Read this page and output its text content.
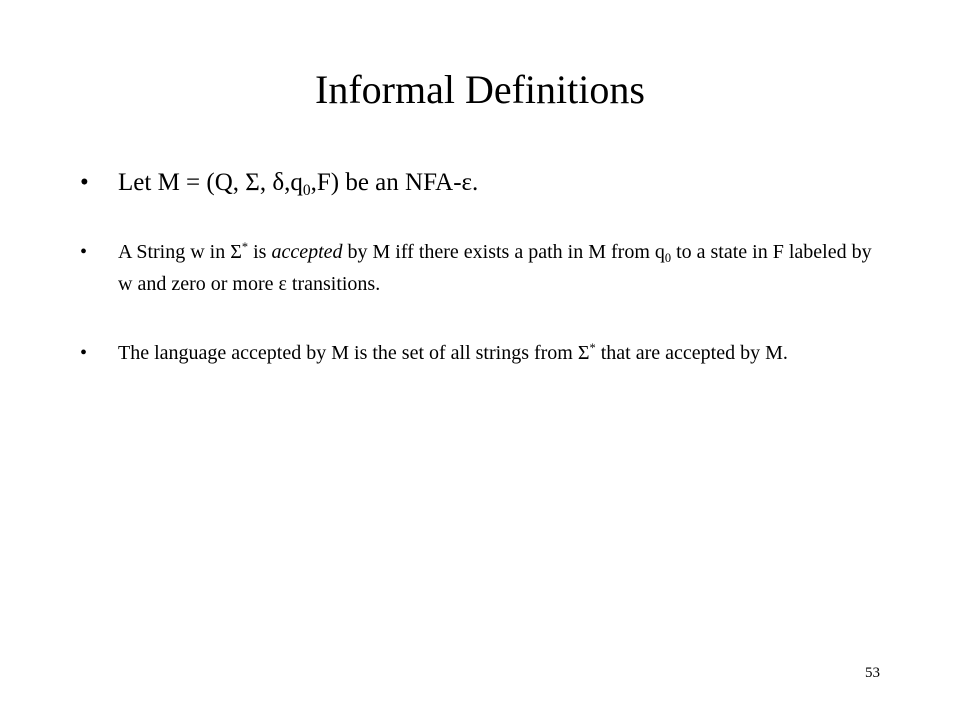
Informal Definitions
•	Let M = (Q, Σ, $\delta,q_0,F$) be an NFA-ε.
•	A String w in Σ* is accepted by M iff there exists a path in M from $q_0$ to a state in F labeled by w and zero or more ε transitions.
•	The language accepted by M is the set of all strings from Σ* that are accepted by M.
53
